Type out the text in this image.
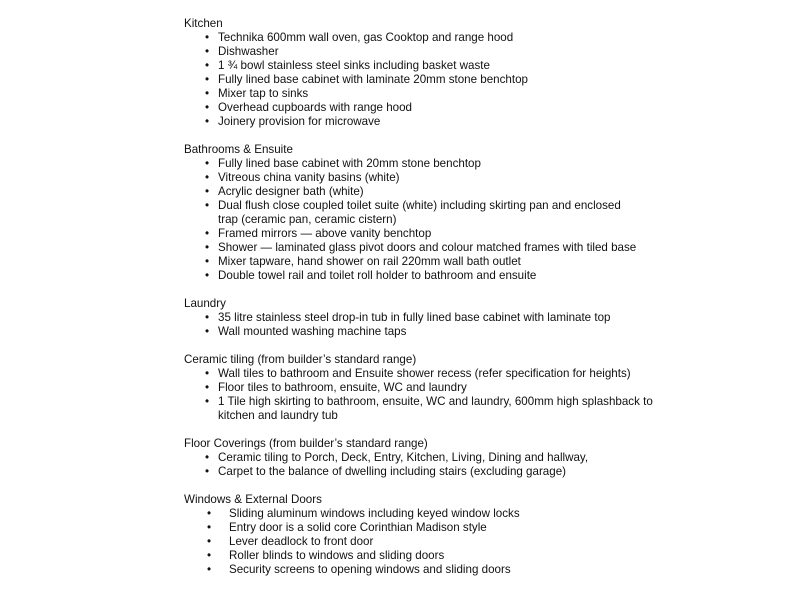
Kitchen
• Technika 600mm wall oven, gas Cooktop and range hood
• Dishwasher
• 1 ¾ bowl stainless steel sinks including basket waste
• Fully lined base cabinet with laminate 20mm stone benchtop
• Mixer tap to sinks
• Overhead cupboards with range hood
• Joinery provision for microwave
Bathrooms & Ensuite
• Fully lined base cabinet with 20mm stone benchtop
• Vitreous china vanity basins (white)
• Acrylic designer bath (white)
• Dual flush close coupled toilet suite (white) including skirting pan and enclosed trap (ceramic pan, ceramic cistern)
• Framed mirrors — above vanity benchtop
• Shower — laminated glass pivot doors and colour matched frames with tiled base
• Mixer tapware, hand shower on rail 220mm wall bath outlet
• Double towel rail and toilet roll holder to bathroom and ensuite
Laundry
• 35 litre stainless steel drop-in tub in fully lined base cabinet with laminate top
• Wall mounted washing machine taps
Ceramic tiling (from builder’s standard range)
• Wall tiles to bathroom and Ensuite shower recess (refer specification for heights)
• Floor tiles to bathroom, ensuite, WC and laundry
• 1 Tile high skirting to bathroom, ensuite, WC and laundry, 600mm high splashback to kitchen and laundry tub
Floor Coverings (from builder’s standard range)
• Ceramic tiling to Porch, Deck, Entry, Kitchen, Living, Dining and hallway,
• Carpet to the balance of dwelling including stairs (excluding garage)
Windows & External Doors
• Sliding aluminum windows including keyed window locks
• Entry door is a solid core Corinthian Madison style
• Lever deadlock to front door
• Roller blinds to windows and sliding doors
• Security screens to opening windows and sliding doors
